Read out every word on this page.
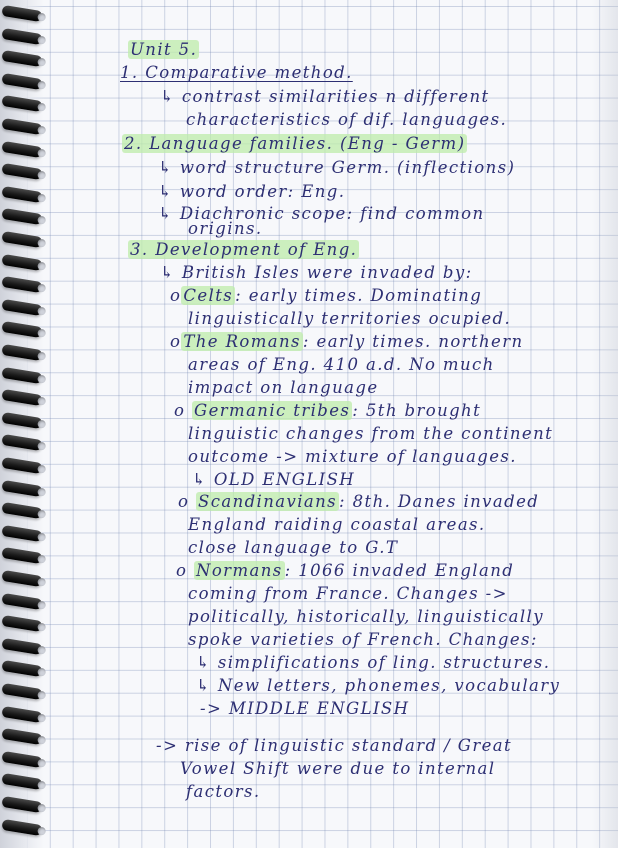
Unit 5.

1. Comparative method.

↳ contrast similarities n different

characteristics of dif. languages.

2. Language families. (Eng - Germ)

↳ word structure Germ. (inflections)

↳ word order: Eng.

↳ Diachronic scope: find common

origins.

3. Development of Eng.

↳ British Isles were invaded by:

o Celts : early times. Dominating

linguistically territories ocupied.

o The Romans : early times. northern

areas of Eng. 410 a.d. No much

impact on language

o Germanic tribes : 5th brought

linguistic changes from the continent

outcome -> mixture of languages.

↳ OLD ENGLISH

o Scandinavians : 8th. Danes invaded

England raiding coastal areas.

close language to G.T

o Normans : 1066 invaded England

coming from France. Changes ->

politically, historically, linguistically

spoke varieties of French. Changes:

↳ simplifications of ling. structures.

↳ New letters, phonemes, vocabulary

-> MIDDLE ENGLISH

-> rise of linguistic standard / Great

Vowel Shift were due to internal

factors.
